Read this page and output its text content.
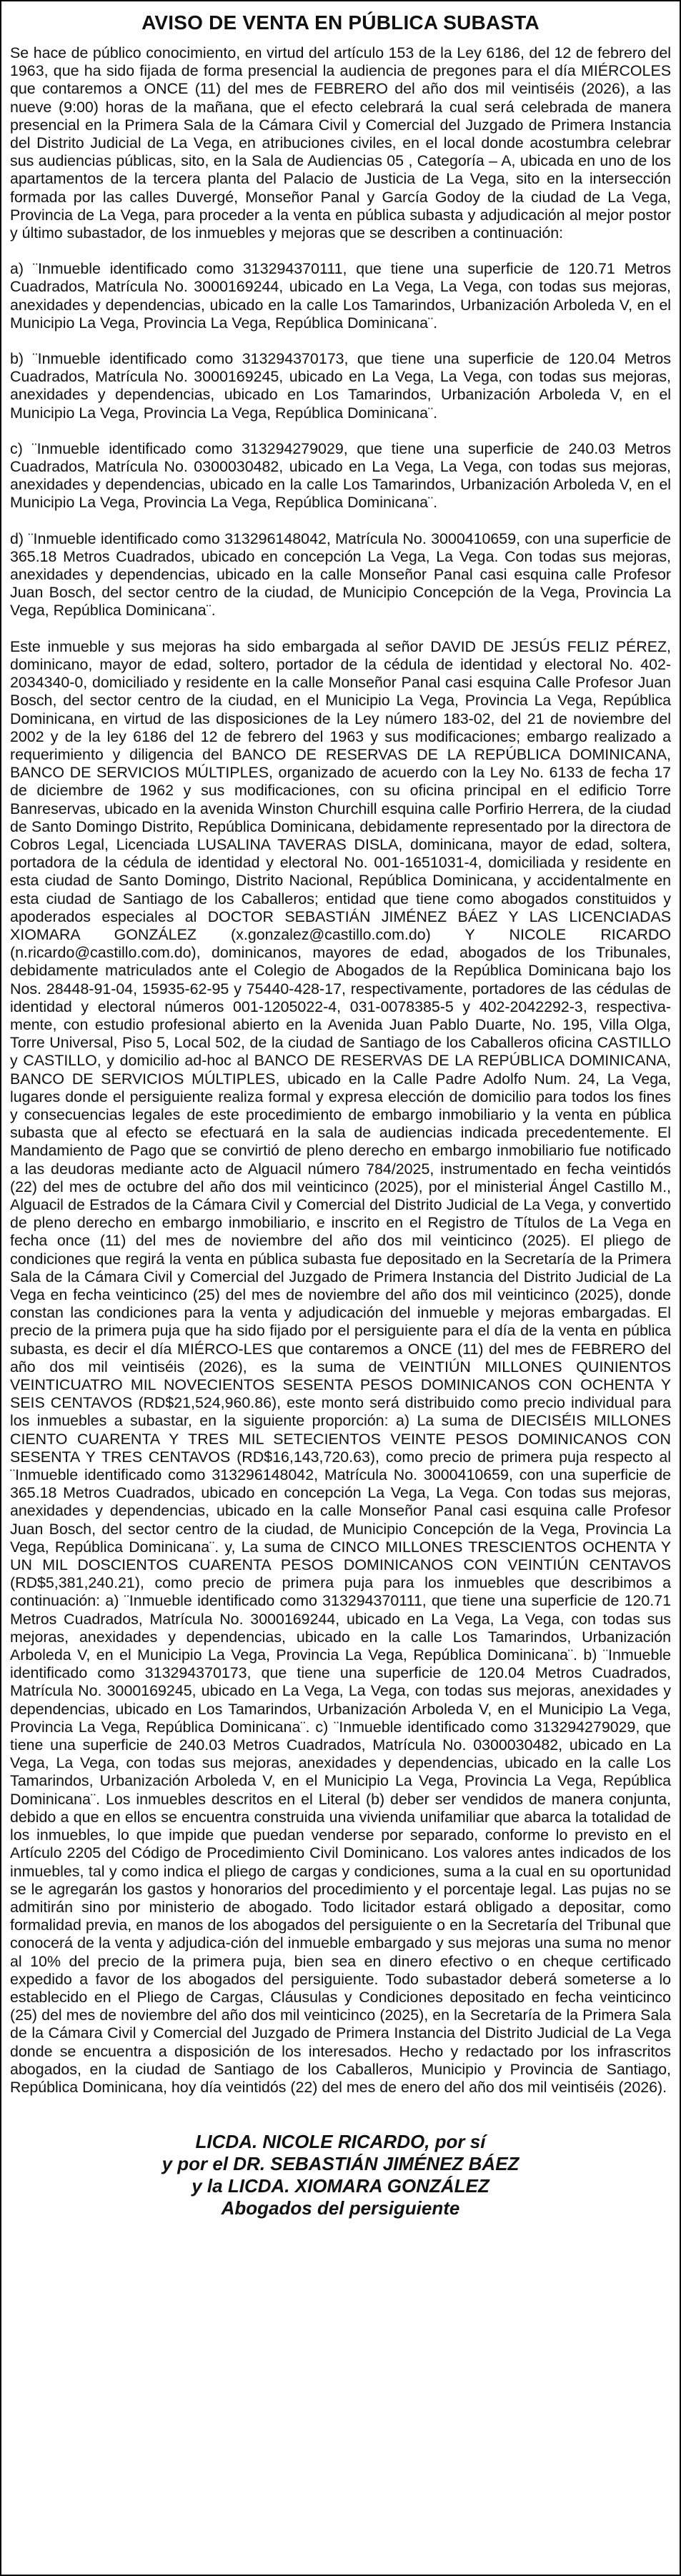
AVISO DE VENTA EN PÚBLICA SUBASTA

Se hace de público conocimiento, en virtud del artículo 153 de la Ley 6186, del 12 de febrero del 1963, que ha sido fijada de forma presencial la audiencia de pregones para el día MIÉRCOLES que contaremos a ONCE (11) del mes de FEBRERO del año dos mil veintiséis (2026), a las nueve (9:00) horas de la mañana, que el efecto celebrará la cual será celebrada de manera presencial en la Primera Sala de la Cámara Civil y Comercial del Juzgado de Primera Instancia del Distrito Judicial de La Vega, en atribuciones civiles, en el local donde acostumbra celebrar sus audiencias públicas, sito, en la Sala de Audiencias 05 , Categoría – A, ubicada en uno de los apartamentos de la tercera planta del Palacio de Justicia de La Vega, sito en la intersección formada por las calles Duvergé, Monseñor Panal y García Godoy de la ciudad de La Vega, Provincia de La Vega, para proceder a la venta en pública subasta y adjudicación al mejor postor y último subastador, de los inmuebles y mejoras que se describen a continuación:

a) ¨Inmueble identificado como 313294370111, que tiene una superficie de 120.71 Metros Cuadrados, Matrícula No. 3000169244, ubicado en La Vega, La Vega, con todas sus mejoras, anexidades y dependencias, ubicado en la calle Los Tamarindos, Urbanización Arboleda V, en el Municipio La Vega, Provincia La Vega, República Dominicana¨.

b) ¨Inmueble identificado como 313294370173, que tiene una superficie de 120.04 Metros Cuadrados, Matrícula No. 3000169245, ubicado en La Vega, La Vega, con todas sus mejoras, anexidades y dependencias, ubicado en Los Tamarindos, Urbanización Arboleda V, en el Municipio La Vega, Provincia La Vega, República Dominicana¨.

c) ¨Inmueble identificado como 313294279029, que tiene una superficie de 240.03 Metros Cuadrados, Matrícula No. 0300030482, ubicado en La Vega, La Vega, con todas sus mejoras, anexidades y dependencias, ubicado en la calle Los Tamarindos, Urbanización Arboleda V, en el Municipio La Vega, Provincia La Vega, República Dominicana¨.

d) ¨Inmueble identificado como 313296148042, Matrícula No. 3000410659, con una superficie de 365.18 Metros Cuadrados, ubicado en concepción La Vega, La Vega. Con todas sus mejoras, anexidades y dependencias, ubicado en la calle Monseñor Panal casi esquina calle Profesor Juan Bosch, del sector centro de la ciudad, de Municipio Concepción de la Vega, Provincia La Vega, República Dominicana¨.

Este inmueble y sus mejoras ha sido embargada al señor DAVID DE JESÚS FELIZ PÉREZ, dominicano, mayor de edad, soltero, portador de la cédula de identidad y electoral No. 402-2034340-0, domiciliado y residente en la calle Monseñor Panal casi esquina Calle Profesor Juan Bosch, del sector centro de la ciudad, en el Municipio La Vega, Provincia La Vega, República Dominicana, en virtud de las disposiciones de la Ley número 183-02, del 21 de noviembre del 2002 y de la ley 6186 del 12 de febrero del 1963 y sus modificaciones; embargo realizado a requerimiento y diligencia del BANCO DE RESERVAS DE LA REPÚBLICA DOMINICANA, BANCO DE SERVICIOS MÚLTIPLES, organizado de acuerdo con la Ley No. 6133 de fecha 17 de diciembre de 1962 y sus modificaciones, con su oficina principal en el edificio Torre Banreservas, ubicado en la avenida Winston Churchill esquina calle Porfirio Herrera, de la ciudad de Santo Domingo Distrito, República Dominicana, debidamente representado por la directora de Cobros Legal, Licenciada LUSALINA TAVERAS DISLA, dominicana, mayor de edad, soltera, portadora de la cédula de identidad y electoral No. 001-1651031-4, domiciliada y residente en esta ciudad de Santo Domingo, Distrito Nacional, República Dominicana, y accidentalmente en esta ciudad de Santiago de los Caballeros; entidad que tiene como abogados constituidos y apoderados especiales al DOCTOR SEBASTIÁN JIMÉNEZ BÁEZ Y LAS LICENCIADAS XIOMARA GONZÁLEZ (x.gonzalez@castillo.com.do) Y NICOLE RICARDO (n.ricardo@castillo.com.do), dominicanos, mayores de edad, abogados de los Tribunales, debidamente matriculados ante el Colegio de Abogados de la República Dominicana bajo los Nos. 28448-91-04, 15935-62-95 y 75440-428-17, respectivamente, portadores de las cédulas de identidad y electoral números 001-1205022-4, 031-0078385-5 y 402-2042292-3, respectiva-mente, con estudio profesional abierto en la Avenida Juan Pablo Duarte, No. 195, Villa Olga, Torre Universal, Piso 5, Local 502, de la ciudad de Santiago de los Caballeros oficina CASTILLO y CASTILLO, y domicilio ad-hoc al BANCO DE RESERVAS DE LA REPÚBLICA DOMINICANA, BANCO DE SERVICIOS MÚLTIPLES, ubicado en la Calle Padre Adolfo Num. 24, La Vega, lugares donde el persiguiente realiza formal y expresa elección de domicilio para todos los fines y consecuencias legales de este procedimiento de embargo inmobiliario y la venta en pública subasta que al efecto se efectuará en la sala de audiencias indicada precedentemente. El Mandamiento de Pago que se convirtió de pleno derecho en embargo inmobiliario fue notificado a las deudoras mediante acto de Alguacil número 784/2025, instrumentado en fecha veintidós (22) del mes de octubre del año dos mil veinticinco (2025), por el ministerial Ángel Castillo M., Alguacil de Estrados de la Cámara Civil y Comercial del Distrito Judicial de La Vega, y convertido de pleno derecho en embargo inmobiliario, e inscrito en el Registro de Títulos de La Vega en fecha once (11) del mes de noviembre del año dos mil veinticinco (2025). El pliego de condiciones que regirá la venta en pública subasta fue depositado en la Secretaría de la Primera Sala de la Cámara Civil y Comercial del Juzgado de Primera Instancia del Distrito Judicial de La Vega en fecha veinticinco (25) del mes de noviembre del año dos mil veinticinco (2025), donde constan las condiciones para la venta y adjudicación del inmueble y mejoras embargadas. El precio de la primera puja que ha sido fijado por el persiguiente para el día de la venta en pública subasta, es decir el día MIÉRCO-LES que contaremos a ONCE (11) del mes de FEBRERO del año dos mil veintiséis (2026), es la suma de VEINTIÚN MILLONES QUINIENTOS VEINTICUATRO MIL NOVECIENTOS SESENTA PESOS DOMINICANOS CON OCHENTA Y SEIS CENTAVOS (RD$21,524,960.86), este monto será distribuido como precio individual para los inmuebles a subastar, en la siguiente proporción: a) La suma de DIECISÉIS MILLONES CIENTO CUARENTA Y TRES MIL SETECIENTOS VEINTE PESOS DOMINICANOS CON SESENTA Y TRES CENTAVOS (RD$16,143,720.63), como precio de primera puja respecto al ¨Inmueble identificado como 313296148042, Matrícula No. 3000410659, con una superficie de 365.18 Metros Cuadrados, ubicado en concepción La Vega, La Vega. Con todas sus mejoras, anexidades y dependencias, ubicado en la calle Monseñor Panal casi esquina calle Profesor Juan Bosch, del sector centro de la ciudad, de Municipio Concepción de la Vega, Provincia La Vega, República Dominicana¨. y, La suma de CINCO MILLONES TRESCIENTOS OCHENTA Y UN MIL DOSCIENTOS CUARENTA PESOS DOMINICANOS CON VEINTIÚN CENTAVOS (RD$5,381,240.21), como precio de primera puja para los inmuebles que describimos a continuación: a) ¨Inmueble identificado como 313294370111, que tiene una superficie de 120.71 Metros Cuadrados, Matrícula No. 3000169244, ubicado en La Vega, La Vega, con todas sus mejoras, anexidades y dependencias, ubicado en la calle Los Tamarindos, Urbanización Arboleda V, en el Municipio La Vega, Provincia La Vega, República Dominicana¨. b) ¨Inmueble identificado como 313294370173, que tiene una superficie de 120.04 Metros Cuadrados, Matrícula No. 3000169245, ubicado en La Vega, La Vega, con todas sus mejoras, anexidades y dependencias, ubicado en Los Tamarindos, Urbanización Arboleda V, en el Municipio La Vega, Provincia La Vega, República Dominicana¨. c) ¨Inmueble identificado como 313294279029, que tiene una superficie de 240.03 Metros Cuadrados, Matrícula No. 0300030482, ubicado en La Vega, La Vega, con todas sus mejoras, anexidades y dependencias, ubicado en la calle Los Tamarindos, Urbanización Arboleda V, en el Municipio La Vega, Provincia La Vega, República Dominicana¨. Los inmuebles descritos en el Literal (b) deber ser vendidos de manera conjunta, debido a que en ellos se encuentra construida una vivienda unifamiliar que abarca la totalidad de los inmuebles, lo que impide que puedan venderse por separado, conforme lo previsto en el Artículo 2205 del Código de Procedimiento Civil Dominicano. Los valores antes indicados de los inmuebles, tal y como indica el pliego de cargas y condiciones, suma a la cual en su oportunidad se le agregarán los gastos y honorarios del procedimiento y el porcentaje legal. Las pujas no se admitirán sino por ministerio de abogado. Todo licitador estará obligado a depositar, como formalidad previa, en manos de los abogados del persiguiente o en la Secretaría del Tribunal que conocerá de la venta y adjudica-ción del inmueble embargado y sus mejoras una suma no menor al 10% del precio de la primera puja, bien sea en dinero efectivo o en cheque certificado expedido a favor de los abogados del persiguiente. Todo subastador deberá someterse a lo establecido en el Pliego de Cargas, Cláusulas y Condiciones depositado en fecha veinticinco (25) del mes de noviembre del año dos mil veinticinco (2025), en la Secretaría de la Primera Sala de la Cámara Civil y Comercial del Juzgado de Primera Instancia del Distrito Judicial de La Vega donde se encuentra a disposición de los interesados. Hecho y redactado por los infrascritos abogados, en la ciudad de Santiago de los Caballeros, Municipio y Provincia de Santiago, República Dominicana, hoy día veintidós (22) del mes de enero del año dos mil veintiséis (2026).

LICDA. NICOLE RICARDO, por sí
y por el DR. SEBASTIÁN JIMÉNEZ BÁEZ
y la LICDA. XIOMARA GONZÁLEZ
Abogados del persiguiente
